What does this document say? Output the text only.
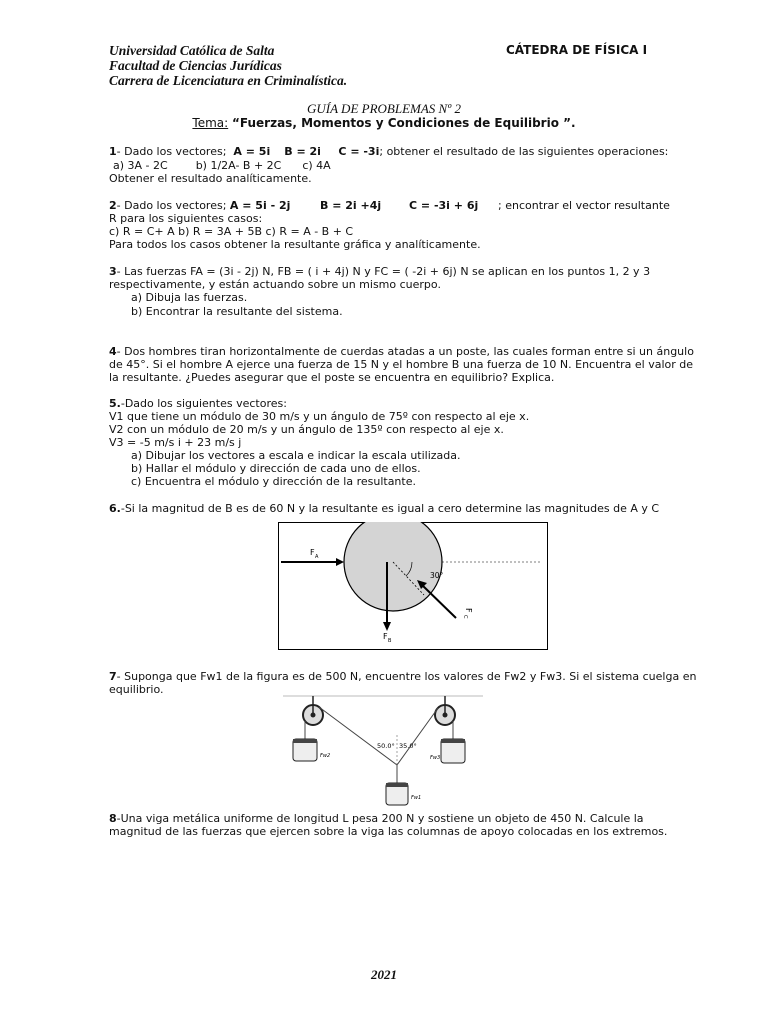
Universidad Católica de Salta
Facultad de Ciencias Jurídicas
Carrera de Licenciatura en Criminalística.
CÁTEDRA DE FÍSICA I
GUÍA DE PROBLEMAS Nº 2
Tema: “Fuerzas, Momentos y Condiciones de Equilibrio ”.
1- Dado los vectores; A = 5i B = 2i C = -3i; obtener el resultado de las siguientes operaciones:
a) 3A - 2C	b) 1/2A- B + 2C c) 4A
Obtener el resultado analíticamente.
2- Dado los vectores; A = 5i - 2j	B = 2i +4j	C = -3i + 6j ; encontrar el vector resultante
R para los siguientes casos:
c) R = C+ A b) R = 3A + 5B c) R = A - B + C
Para todos los casos obtener la resultante gráfica y analíticamente.
3- Las fuerzas FA = (3i - 2j) N, FB = ( i + 4j) N y FC = ( -2i + 6j) N se aplican en los puntos 1, 2 y 3
respectivamente, y están actuando sobre un mismo cuerpo.
a) Dibuja las fuerzas.
b) Encontrar la resultante del sistema.
4- Dos hombres tiran horizontalmente de cuerdas atadas a un poste, las cuales forman entre si un ángulo
de 45°. Si el hombre A ejerce una fuerza de 15 N y el hombre B una fuerza de 10 N. Encuentra el valor de
la resultante. ¿Puedes asegurar que el poste se encuentra en equilibrio? Explica.
5.-Dado los siguientes vectores:
V1 que tiene un módulo de 30 m/s y un ángulo de 75º con respecto al eje x.
V2 con un módulo de 20 m/s y un ángulo de 135º con respecto al eje x.
V3 = -5 m/s i + 23 m/s j
a) Dibujar los vectores a escala e indicar la escala utilizada.
b) Hallar el módulo y dirección de cada uno de ellos.
c) Encuentra el módulo y dirección de la resultante.
6.-Si la magnitud de B es de 60 N y la resultante es igual a cero determine las magnitudes de A y C
30°
F A
F B
F
C
7- Suponga que Fw1 de la figura es de 500 N, encuentre los valores de Fw2 y Fw3. Si el sistema cuelga en
equilibrio.
50.0° 35.0°
Fw2	Fw3
Fw1
8-Una viga metálica uniforme de longitud L pesa 200 N y sostiene un objeto de 450 N. Calcule la
magnitud de las fuerzas que ejercen sobre la viga las columnas de apoyo colocadas en los extremos.
2021
